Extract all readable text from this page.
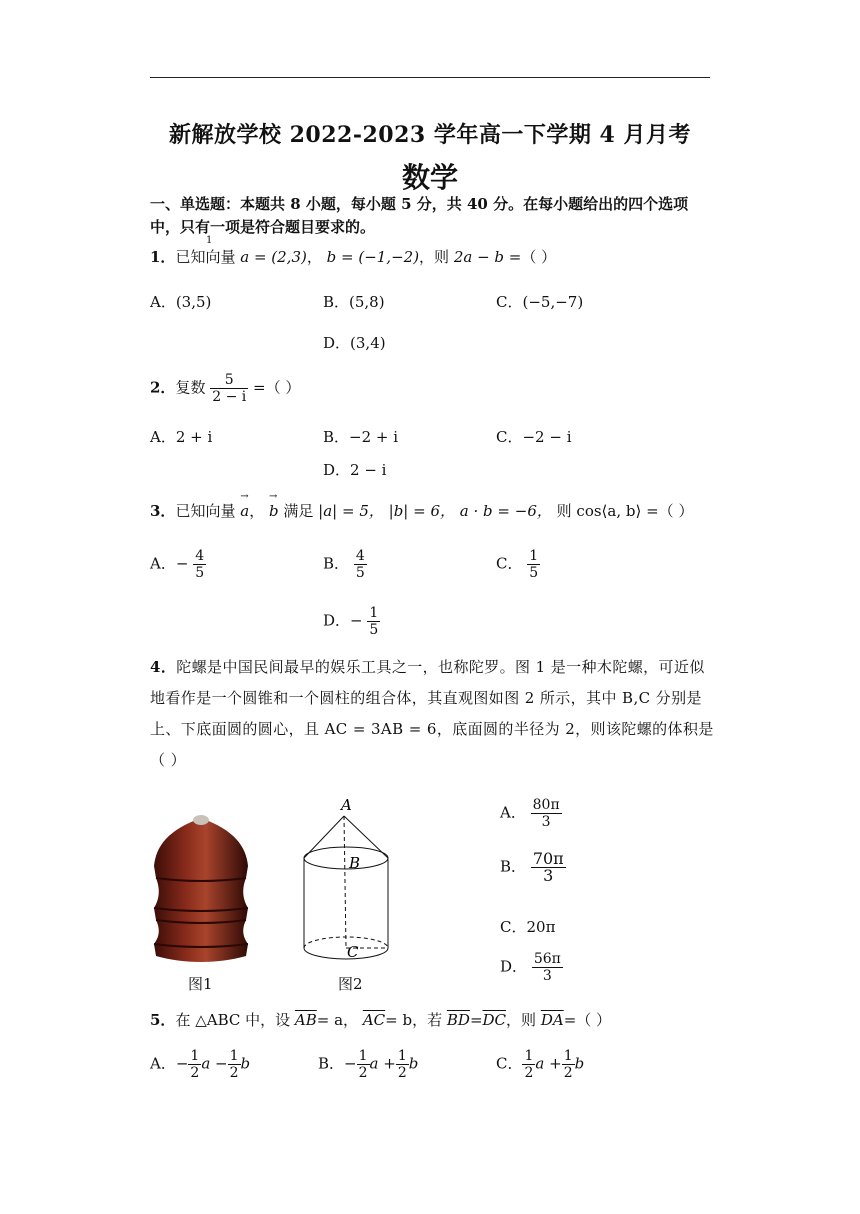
新解放学校 2022-2023 学年高一下学期 4 月月考
数学
一、单选题：本题共 8 小题，每小题 5 分，共 40 分。在每小题给出的四个选项中，只有一项是符合题目要求的。
1
1．已知向量 a = (2,3)， b = (−1,−2)，则 2a − b =（ ）
A．(3,5)	B．(5,8)	C．(−5,−7)
D．(3,4)
2．复数 $\frac{5}{2 - i}$ =（ ）
A．2 + i	B．−2 + i	C．−2 − i
D．2 − i
3．已知向量 → a， → b 满足 |a| = 5， |b| = 6， a · b = −6， 则 cos⟨a, b⟩ =（ ）
A．− $\frac{4}{5}$	B． $\frac{4}{5}$	C． $\frac{1}{5}$
D．− $\frac{1}{5}$
4．陀螺是中国民间最早的娱乐工具之一，也称陀罗。图 1 是一种木陀螺，可近似地看作是一个圆锥和一个圆柱的组合体，其直观图如图 2 所示，其中 B,C 分别是上、下底面圆的圆心，且 AC = 3AB = 6，底面圆的半径为 2，则该陀螺的体积是（ ）
图1
A
B
C
图2
A． $\frac{80\pi}{3}$
B． $\frac{70\pi}{3}$
C．20π
D． $\frac{56\pi}{3}$
5．在 △ABC 中，设 $\overline{AB}= a$， $\overline{AC}= b$，若 $\overline{BD}=\overline{DC}$，则 $\overline{DA}=$（ ）
A．− $\frac{1}{2}$ $a - \frac{1}{2}$ b	B．− $\frac{1}{2}$ $a + \frac{1}{2}$ b	C． $\frac{1}{2}$ $a + \frac{1}{2}$ b
